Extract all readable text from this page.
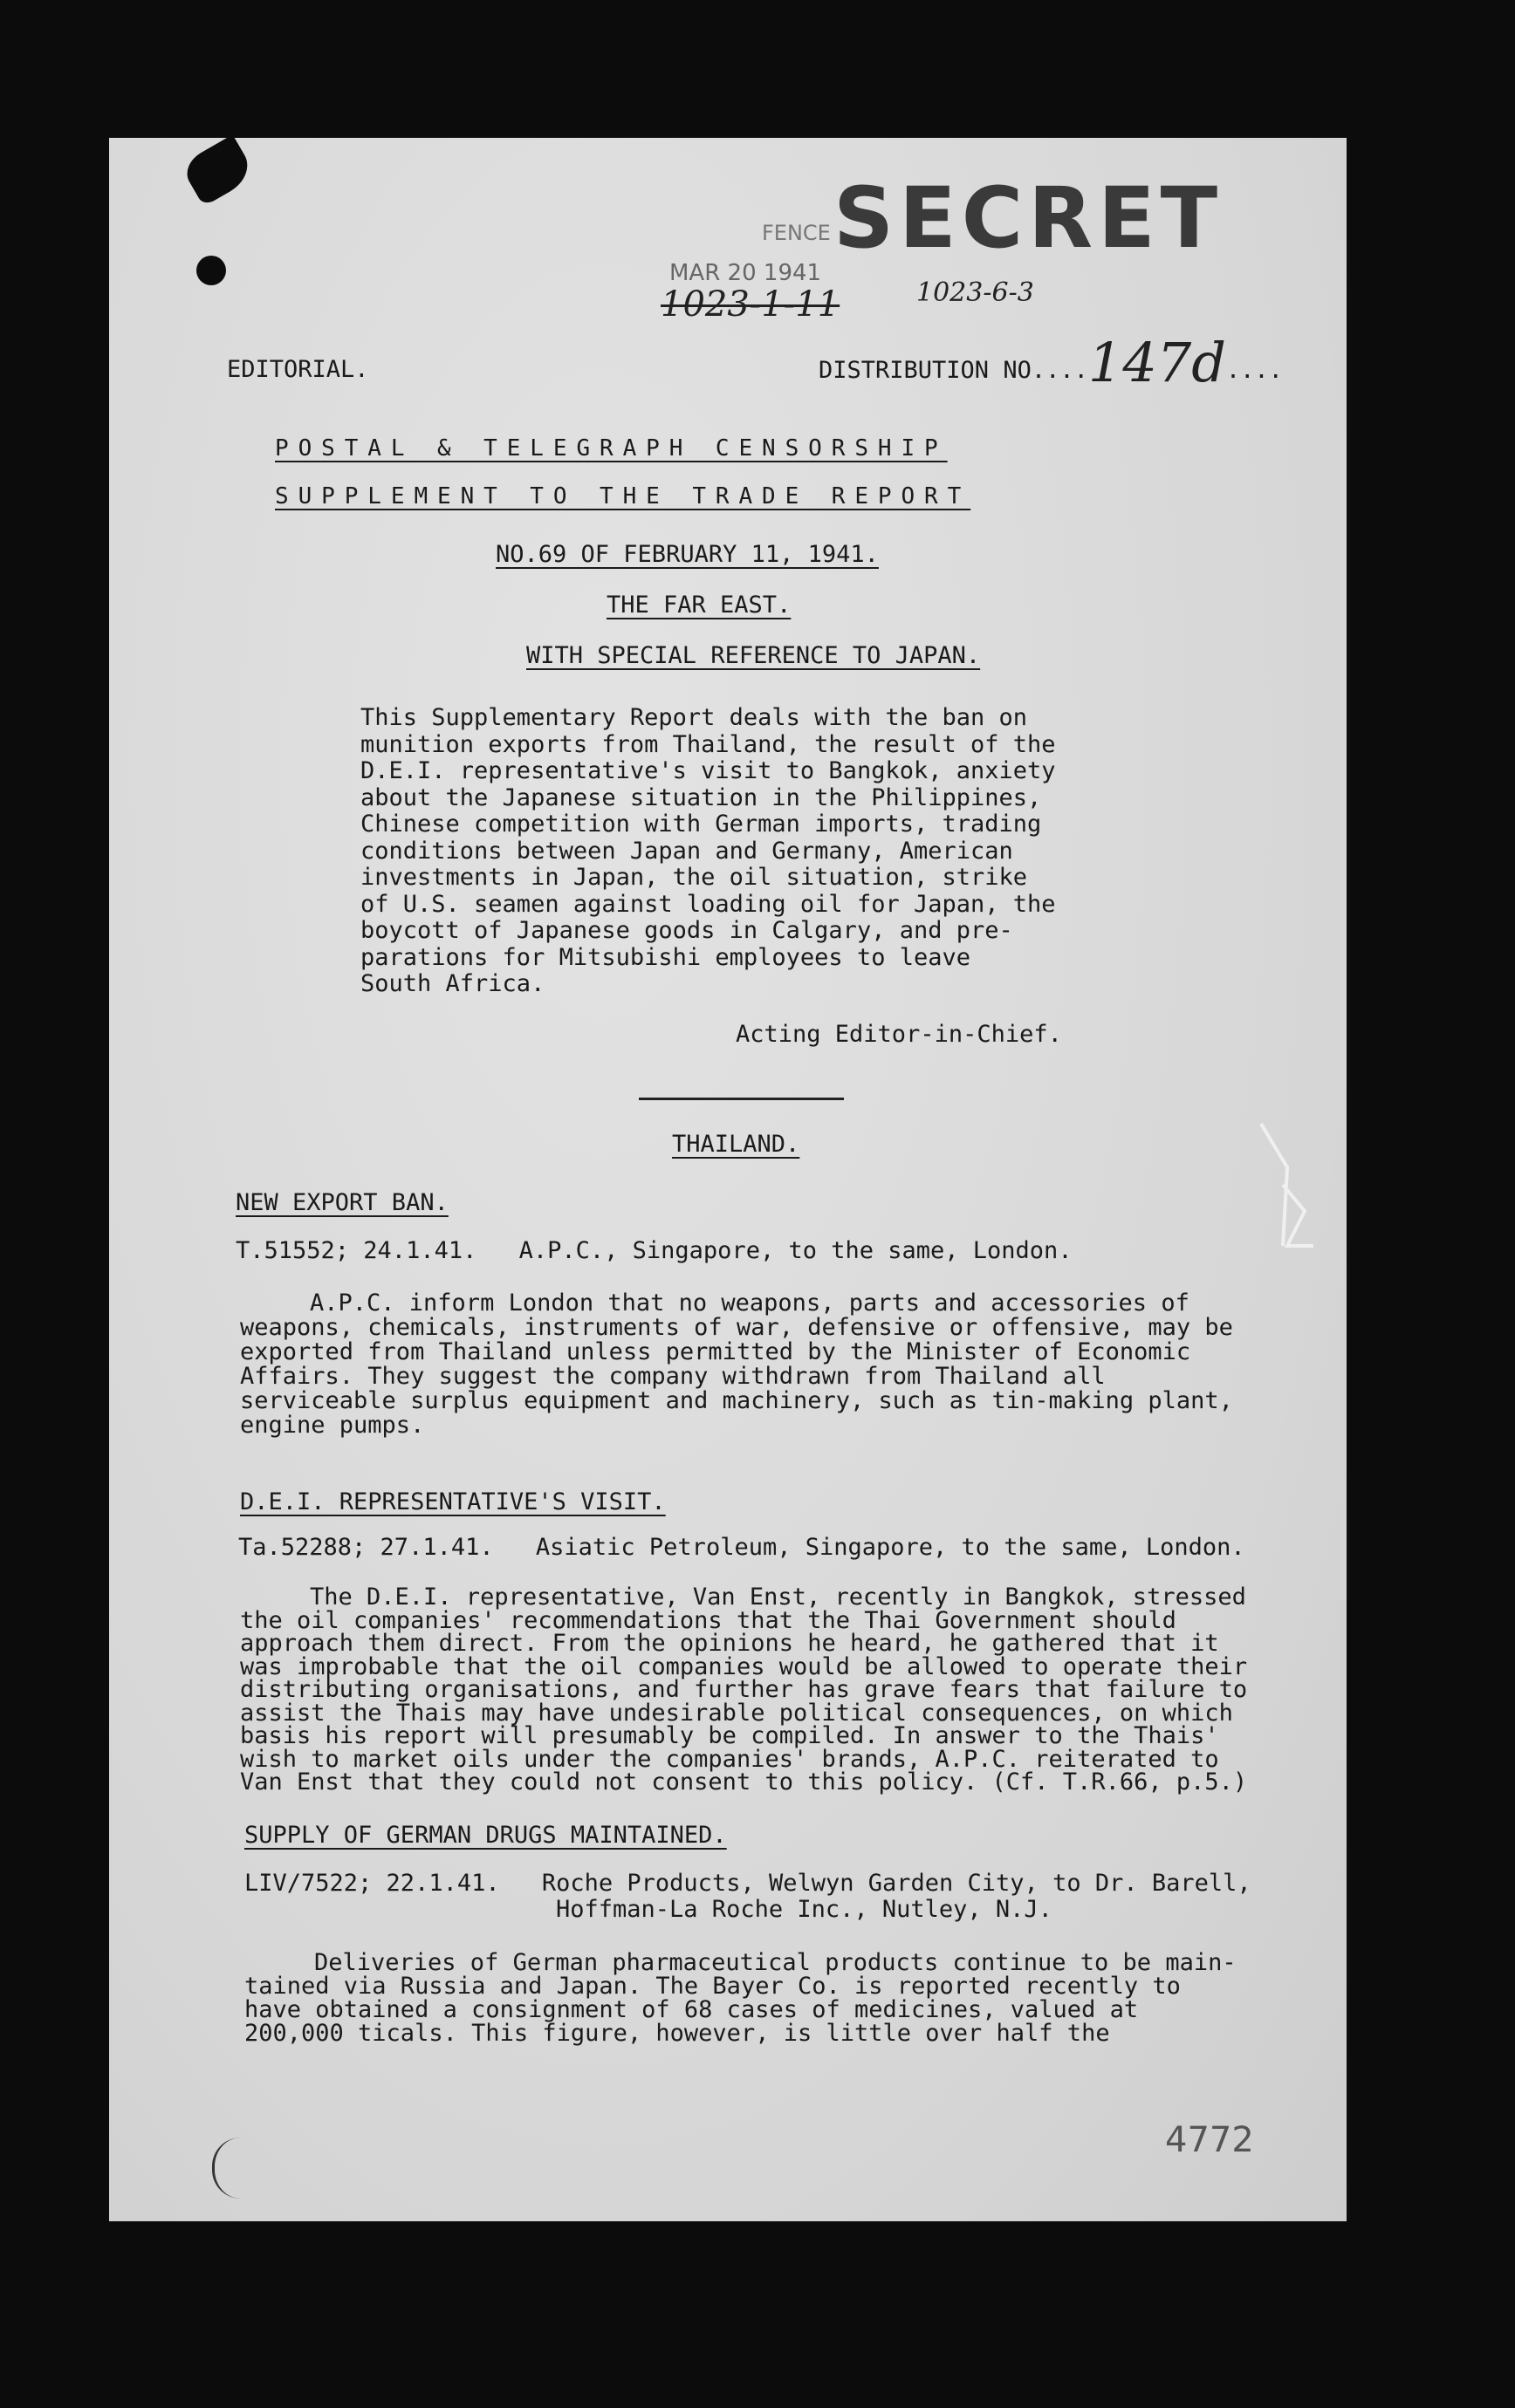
SECRET
FENCE
MAR 20 1941
1023-1-11	1023-6-3
EDITORIAL.	DISTRIBUTION NO....147d....
POSTAL & TELEGRAPH CENSORSHIP
SUPPLEMENT TO THE TRADE REPORT
NO.69 OF FEBRUARY 11, 1941.
THE FAR EAST.
WITH SPECIAL REFERENCE TO JAPAN.
This Supplementary Report deals with the ban on
munition exports from Thailand, the result of the
D.E.I. representative's visit to Bangkok, anxiety
about the Japanese situation in the Philippines,
Chinese competition with German imports, trading
conditions between Japan and Germany, American
investments in Japan, the oil situation, strike
of U.S. seamen against loading oil for Japan, the
boycott of Japanese goods in Calgary, and pre-
parations for Mitsubishi employees to leave
South Africa.
Acting Editor-in-Chief.
THAILAND.
NEW EXPORT BAN.
T.51552; 24.1.41. A.P.C., Singapore, to the same, London.
A.P.C. inform London that no weapons, parts and accessories of
weapons, chemicals, instruments of war, defensive or offensive, may be
exported from Thailand unless permitted by the Minister of Economic
Affairs. They suggest the company withdrawn from Thailand all
serviceable surplus equipment and machinery, such as tin-making plant,
engine pumps.
D.E.I. REPRESENTATIVE'S VISIT.
Ta.52288; 27.1.41. Asiatic Petroleum, Singapore, to the same, London.
The D.E.I. representative, Van Enst, recently in Bangkok, stressed
the oil companies' recommendations that the Thai Government should
approach them direct. From the opinions he heard, he gathered that it
was improbable that the oil companies would be allowed to operate their
distributing organisations, and further has grave fears that failure to
assist the Thais may have undesirable political consequences, on which
basis his report will presumably be compiled. In answer to the Thais'
wish to market oils under the companies' brands, A.P.C. reiterated to
Van Enst that they could not consent to this policy. (Cf. T.R.66, p.5.)
SUPPLY OF GERMAN DRUGS MAINTAINED.
LIV/7522; 22.1.41. Roche Products, Welwyn Garden City, to Dr. Barell,
Hoffman-La Roche Inc., Nutley, N.J.
Deliveries of German pharmaceutical products continue to be main-
tained via Russia and Japan. The Bayer Co. is reported recently to
have obtained a consignment of 68 cases of medicines, valued at
200,000 ticals. This figure, however, is little over half the
4772
